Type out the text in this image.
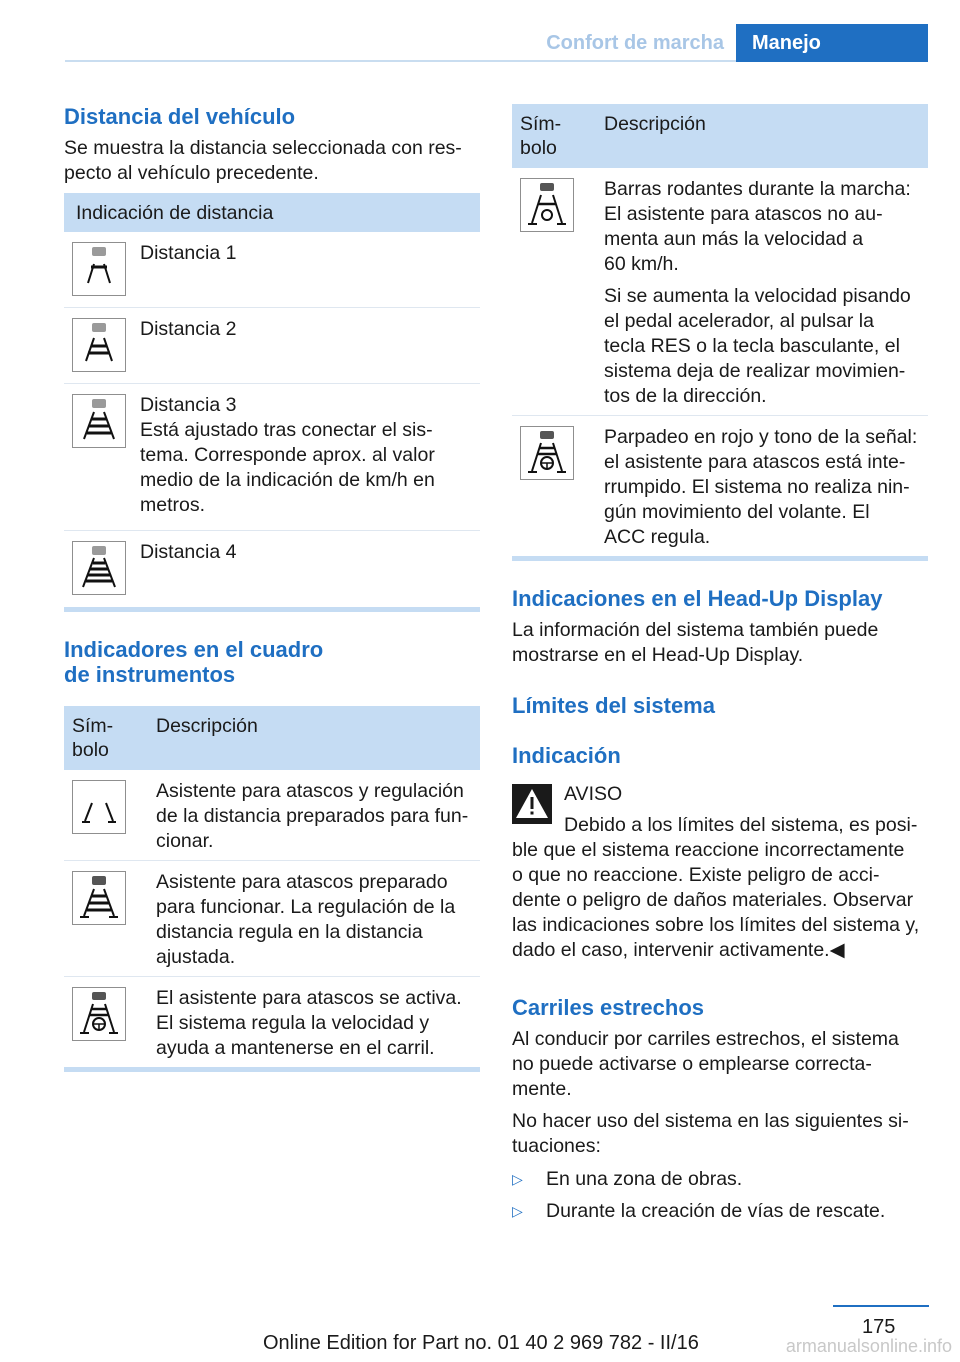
Confort de marcha	Manejo
Distancia del vehículo
Se muestra la distancia seleccionada con res-
pecto al vehículo precedente.
Indicación de distancia
Distancia 1
Distancia 2
Distancia 3
Está ajustado tras conectar el sis-
tema. Corresponde aprox. al valor
medio de la indicación de km/h en
metros.
Distancia 4
Indicadores en el cuadro
de instrumentos
Sím-
bolo
Descripción
Asistente para atascos y regulación
de la distancia preparados para fun-
cionar.
Asistente para atascos preparado
para funcionar. La regulación de la
distancia regula en la distancia
ajustada.
El asistente para atascos se activa.
El sistema regula la velocidad y
ayuda a mantenerse en el carril.
Sím-
bolo
Descripción
Barras rodantes durante la marcha:
El asistente para atascos no au-
menta aun más la velocidad a
60 km/h.
Si se aumenta la velocidad pisando
el pedal acelerador, al pulsar la
tecla RES o la tecla basculante, el
sistema deja de realizar movimien-
tos de la dirección.
Parpadeo en rojo y tono de la señal:
el asistente para atascos está inte-
rrumpido. El sistema no realiza nin-
gún movimiento del volante. El
ACC regula.
Indicaciones en el Head-Up Display
La información del sistema también puede
mostrarse en el Head-Up Display.
Límites del sistema
Indicación
AVISO
Debido a los límites del sistema, es posi-
ble que el sistema reaccione incorrectamente
o que no reaccione. Existe peligro de acci-
dente o peligro de daños materiales. Observar
las indicaciones sobre los límites del sistema y,
dado el caso, intervenir activamente.◀
Carriles estrechos
Al conducir por carriles estrechos, el sistema
no puede activarse o emplearse correcta-
mente.
No hacer uso del sistema en las siguientes si-
tuaciones:
▷ En una zona de obras.
▷ Durante la creación de vías de rescate.
175
Online Edition for Part no. 01 40 2 969 782 - II/16	armanualsonline.info
